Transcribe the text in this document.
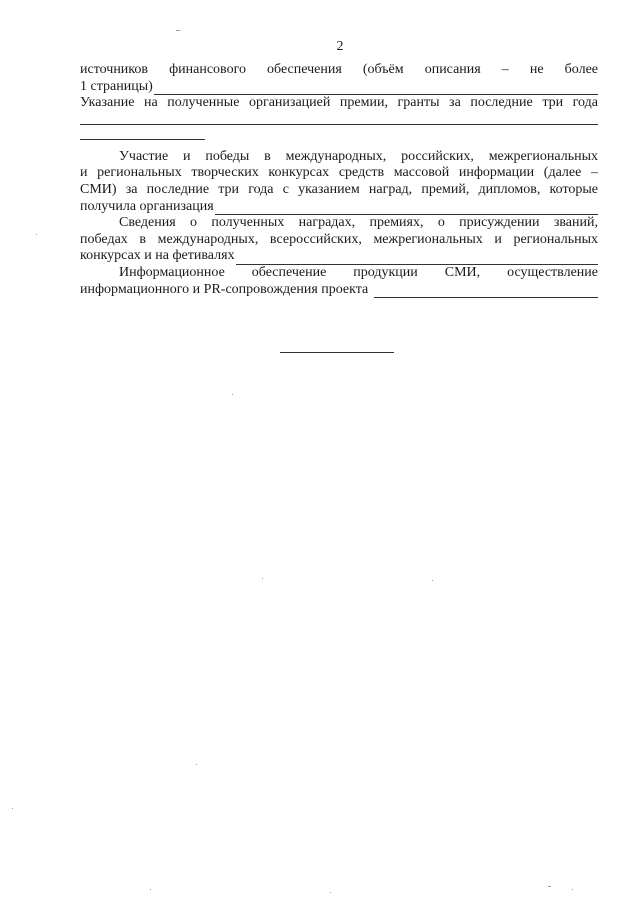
2
источников финансового обеспечения (объём описания – не более
1 страницы)
Указание на полученные организацией премии, гранты за последние три года
Участие и победы в международных, российских, межрегиональных
и региональных творческих конкурсах средств массовой информации (далее –
СМИ) за последние три года с указанием наград, премий, дипломов, которые
получила организация
Сведения о полученных наградах, премиях, о присуждении званий,
победах в международных, всероссийских, межрегиональных и региональных
конкурсах и на фетивалях
Информационное обеспечение продукции СМИ, осуществление
информационного и PR-сопровождения проекта
